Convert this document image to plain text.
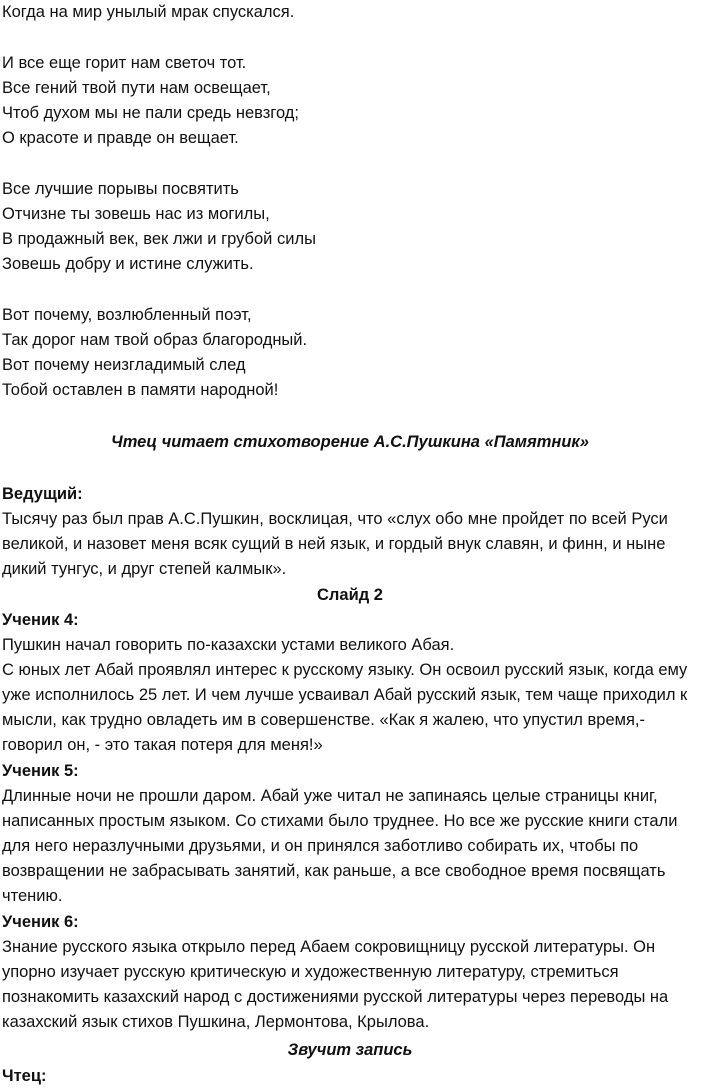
Когда на мир унылый мрак спускался.
И все еще горит нам светоч тот.
Все гений твой пути нам освещает,
Чтоб духом мы не пали средь невзгод;
О красоте и правде он вещает.
Все лучшие порывы посвятить
Отчизне ты зовешь нас из могилы,
В продажный век, век лжи и грубой силы
Зовешь добру и истине служить.
Вот почему, возлюбленный поэт,
Так дорог нам твой образ благородный.
Вот почему неизгладимый след
Тобой оставлен в памяти народной!
Чтец читает стихотворение А.С.Пушкина «Памятник»
Ведущий:
Тысячу раз был прав А.С.Пушкин, восклицая, что «слух обо мне пройдет по всей Руси
великой, и назовет меня всяк сущий в ней язык, и гордый внук славян, и финн, и ныне
дикий тунгус, и друг степей калмык».
Слайд 2
Ученик 4:
Пушкин начал говорить по-казахски устами великого Абая.
С юных лет Абай проявлял интерес к русскому языку. Он освоил русский язык, когда ему
уже исполнилось 25 лет. И чем лучше усваивал Абай русский язык, тем чаще приходил к
мысли, как трудно овладеть им в совершенстве. «Как я жалею, что упустил время,-
говорил он, - это такая потеря для меня!»
Ученик 5:
Длинные ночи не прошли даром. Абай уже читал не запинаясь целые страницы книг,
написанных простым языком. Со стихами было труднее. Но все же русские книги стали
для него неразлучными друзьями, и он принялся заботливо собирать их, чтобы по
возвращении не забрасывать занятий, как раньше, а все свободное время посвящать
чтению.
Ученик 6:
Знание русского языка открыло перед Абаем сокровищницу русской литературы. Он
упорно изучает русскую критическую и художественную литературу, стремиться
познакомить казахский народ с достижениями русской литературы через переводы на
казахский язык стихов Пушкина, Лермонтова, Крылова.
Звучит запись
Чтец:
